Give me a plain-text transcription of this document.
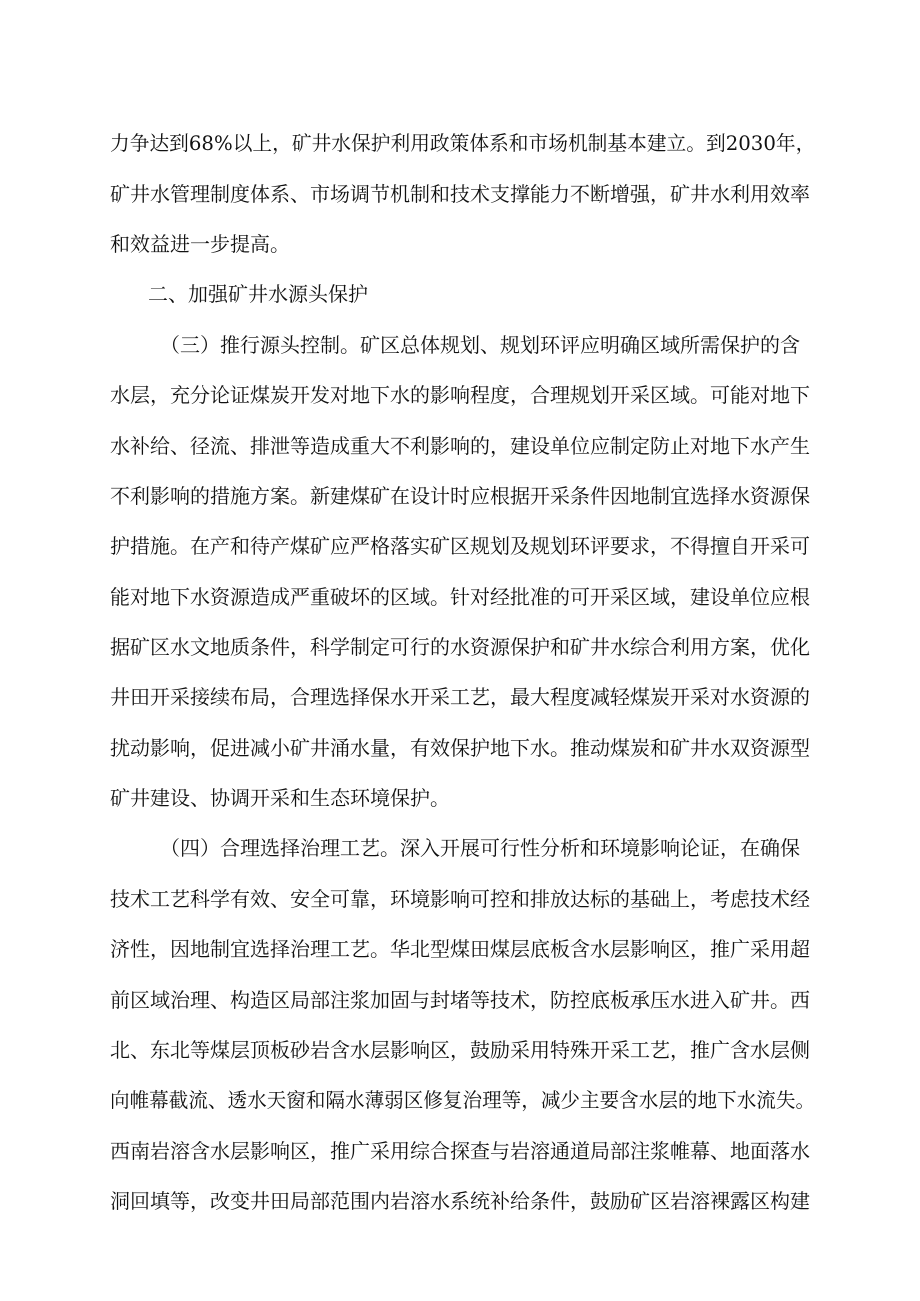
力争达到68%以上，矿井水保护利用政策体系和市场机制基本建立。到2030年，
矿井水管理制度体系、市场调节机制和技术支撑能力不断增强，矿井水利用效率
和效益进一步提高。
二、加强矿井水源头保护
（三）推行源头控制。矿区总体规划、规划环评应明确区域所需保护的含
水层，充分论证煤炭开发对地下水的影响程度，合理规划开采区域。可能对地下
水补给、径流、排泄等造成重大不利影响的，建设单位应制定防止对地下水产生
不利影响的措施方案。新建煤矿在设计时应根据开采条件因地制宜选择水资源保
护措施。在产和待产煤矿应严格落实矿区规划及规划环评要求，不得擅自开采可
能对地下水资源造成严重破坏的区域。针对经批准的可开采区域，建设单位应根
据矿区水文地质条件，科学制定可行的水资源保护和矿井水综合利用方案，优化
井田开采接续布局，合理选择保水开采工艺，最大程度减轻煤炭开采对水资源的
扰动影响，促进减小矿井涌水量，有效保护地下水。推动煤炭和矿井水双资源型
矿井建设、协调开采和生态环境保护。
（四）合理选择治理工艺。深入开展可行性分析和环境影响论证，在确保
技术工艺科学有效、安全可靠，环境影响可控和排放达标的基础上，考虑技术经
济性，因地制宜选择治理工艺。华北型煤田煤层底板含水层影响区，推广采用超
前区域治理、构造区局部注浆加固与封堵等技术，防控底板承压水进入矿井。西
北、东北等煤层顶板砂岩含水层影响区，鼓励采用特殊开采工艺，推广含水层侧
向帷幕截流、透水天窗和隔水薄弱区修复治理等，减少主要含水层的地下水流失。
西南岩溶含水层影响区，推广采用综合探查与岩溶通道局部注浆帷幕、地面落水
洞回填等，改变井田局部范围内岩溶水系统补给条件，鼓励矿区岩溶裸露区构建
